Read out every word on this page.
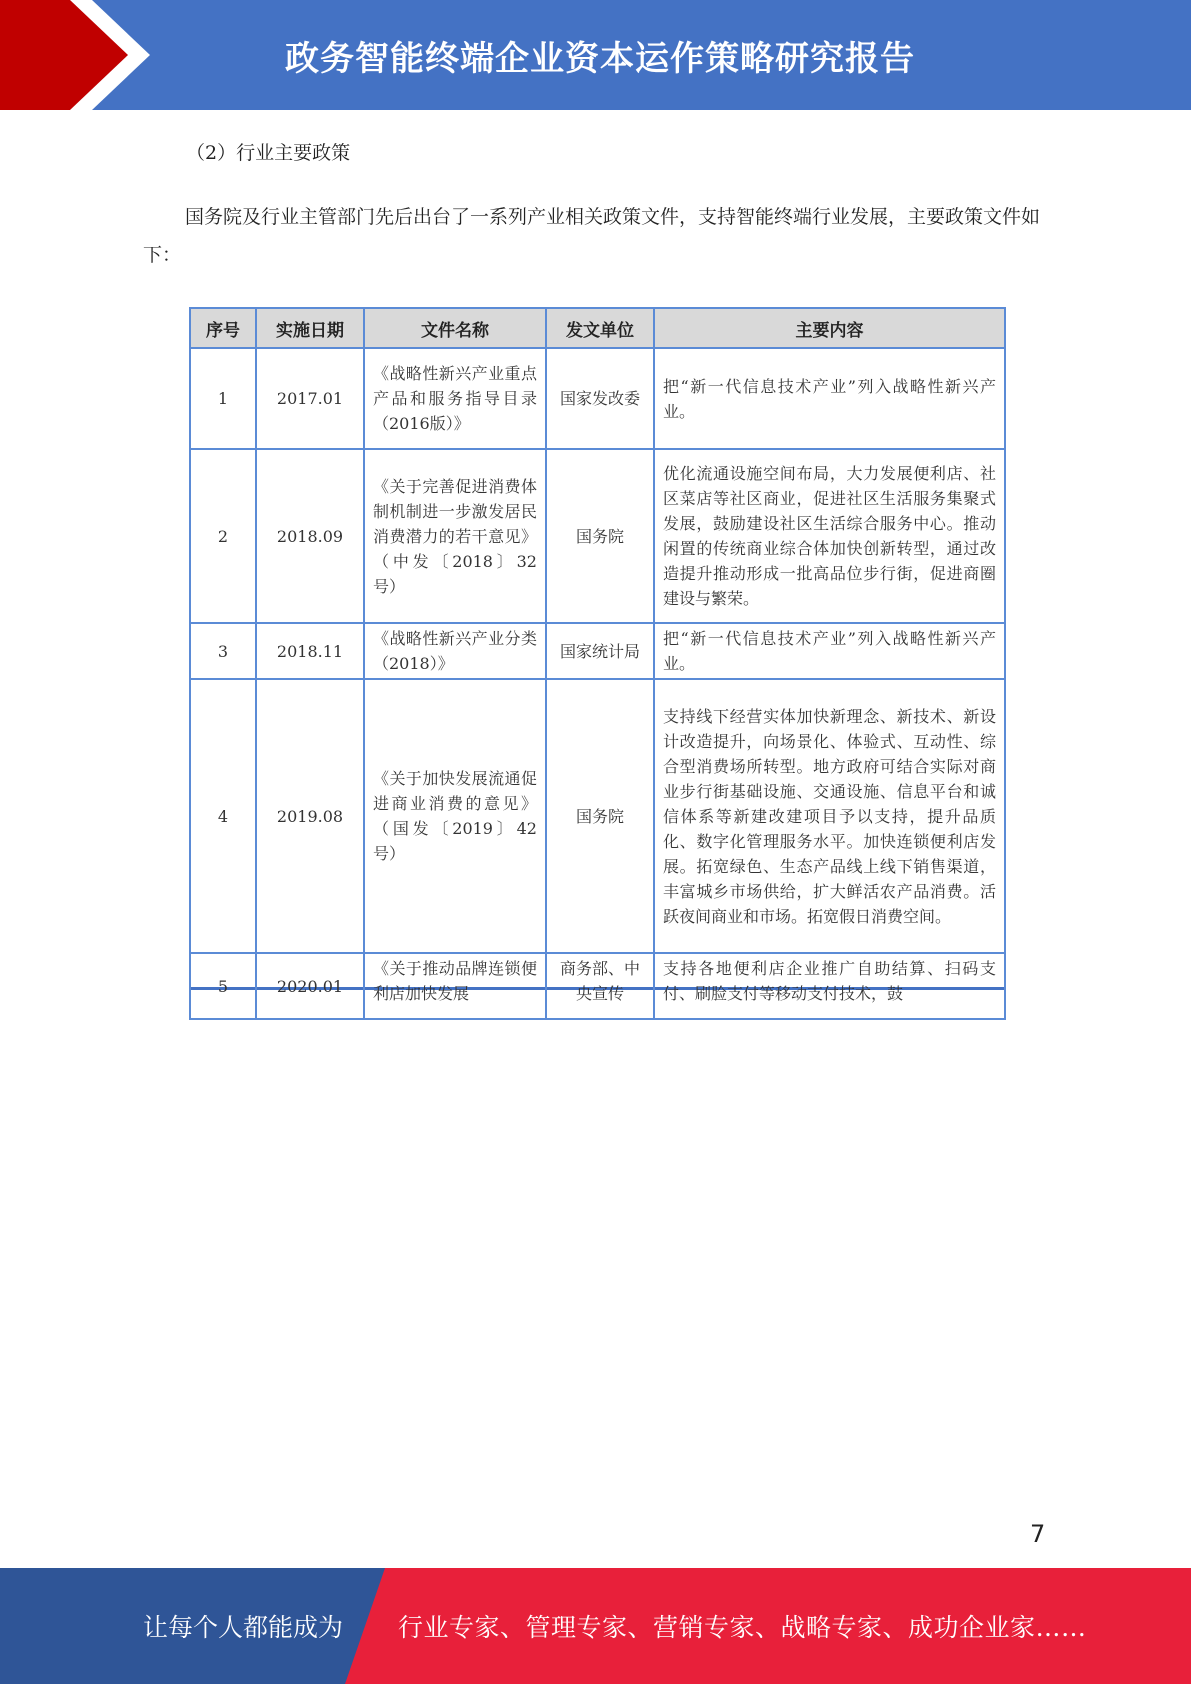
政务智能终端企业资本运作策略研究报告
（2）行业主要政策
国务院及行业主管部门先后出台了一系列产业相关政策文件，支持智能终端行业发展，主要政策文件如下：
序号	实施日期	文件名称	发文单位	主要内容
1	2017.01	《战略性新兴产业重点产品和服务指导目录（2016版）》	国家发改委	把“新一代信息技术产业”列入战略性新兴产业。
2	2018.09	《关于完善促进消费体制机制进一步激发居民消费潜力的若干意见》（中发〔2018〕32号）	国务院	优化流通设施空间布局，大力发展便利店、社区菜店等社区商业，促进社区生活服务集聚式发展，鼓励建设社区生活综合服务中心。推动闲置的传统商业综合体加快创新转型，通过改造提升推动形成一批高品位步行街，促进商圈建设与繁荣。
3	2018.11	《战略性新兴产业分类（2018）》	国家统计局	把“新一代信息技术产业”列入战略性新兴产业。
4	2019.08	《关于加快发展流通促进商业消费的意见》（国发〔2019〕42号）	国务院	支持线下经营实体加快新理念、新技术、新设计改造提升，向场景化、体验式、互动性、综合型消费场所转型。地方政府可结合实际对商业步行街基础设施、交通设施、信息平台和诚信体系等新建改建项目予以支持，提升品质化、数字化管理服务水平。加快连锁便利店发展。拓宽绿色、生态产品线上线下销售渠道，丰富城乡市场供给，扩大鲜活农产品消费。活跃夜间商业和市场。拓宽假日消费空间。
5	2020.01	《关于推动品牌连锁便利店加快发展	商务部、中央宣传	支持各地便利店企业推广自助结算、扫码支付、刷脸支付等移动支付技术，鼓
7
让每个人都能成为 行业专家、管理专家、营销专家、战略专家、成功企业家……
